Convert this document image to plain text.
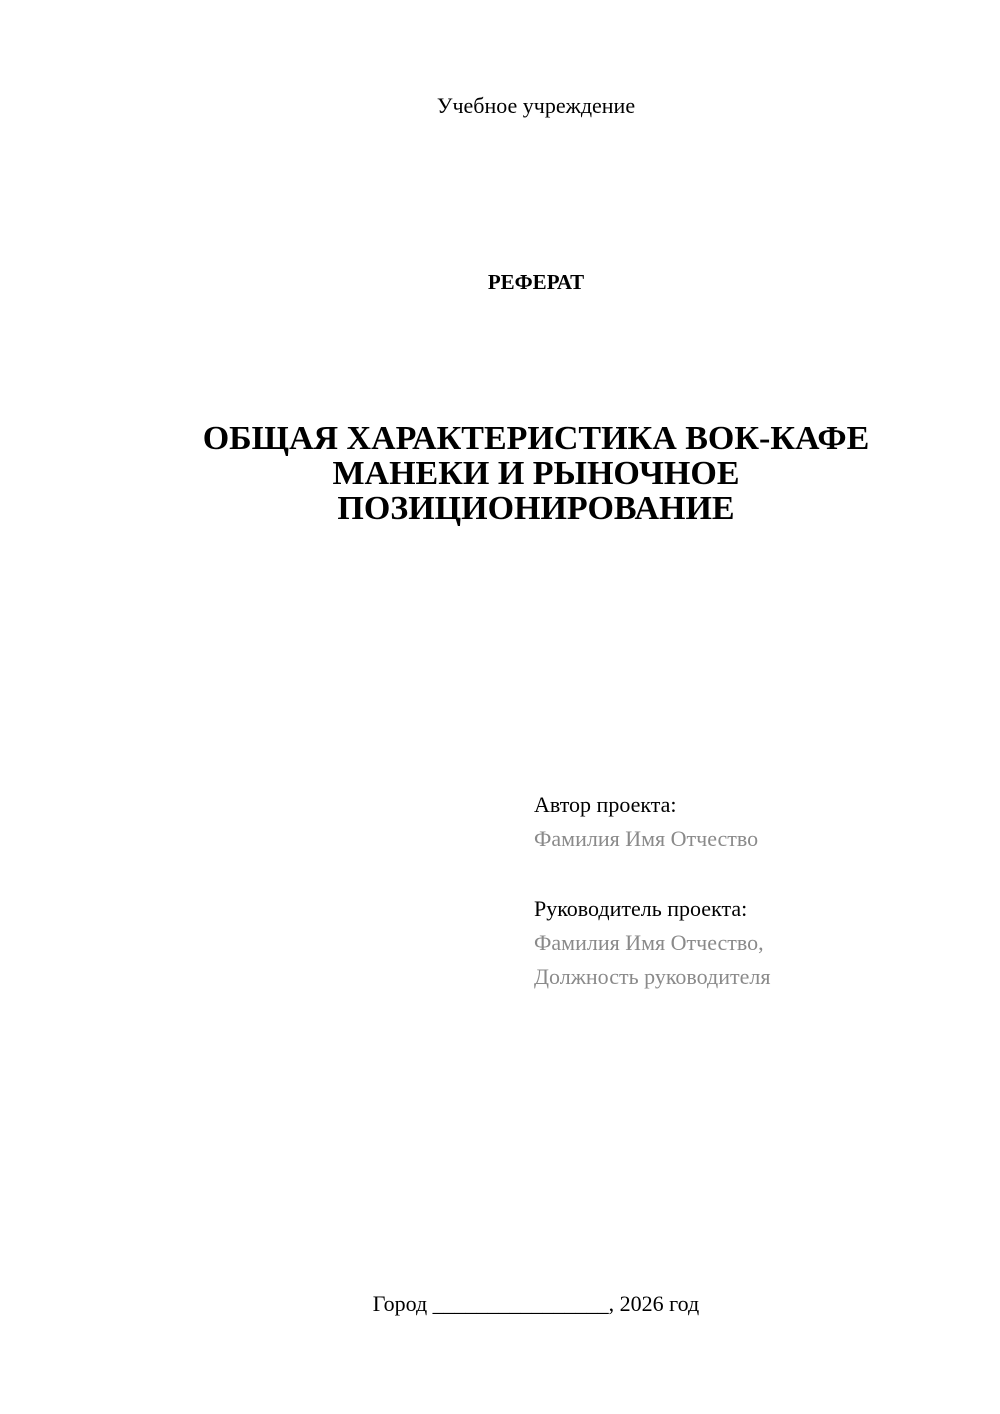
Учебное учреждение
РЕФЕРАТ
ОБЩАЯ ХАРАКТЕРИСТИКА ВОК-КАФЕ
МАНЕКИ И РЫНОЧНОЕ
ПОЗИЦИОНИРОВАНИЕ
Автор проекта:
Фамилия Имя Отчество
Руководитель проекта:
Фамилия Имя Отчество,
Должность руководителя
Город ________________, 2026 год
